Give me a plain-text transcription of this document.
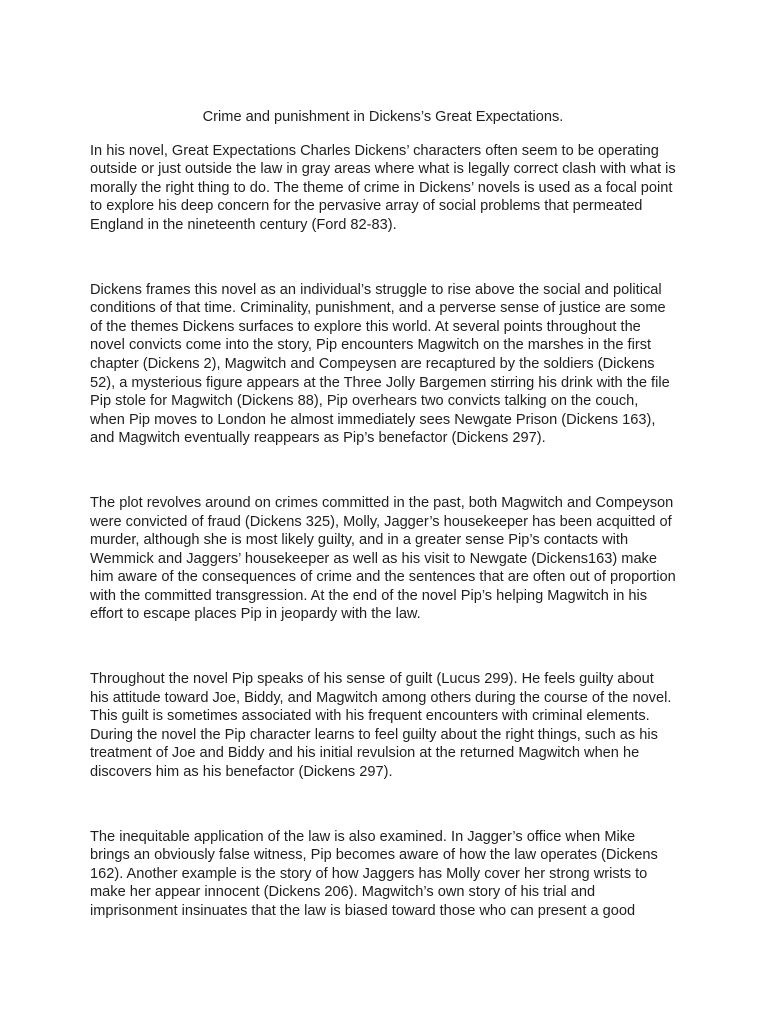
Crime and punishment in Dickens’s Great Expectations.

In his novel, Great Expectations Charles Dickens’ characters often seem to be operating outside or just outside the law in gray areas where what is legally correct clash with what is morally the right thing to do. The theme of crime in Dickens’ novels is used as a focal point to explore his deep concern for the pervasive array of social problems that permeated England in the nineteenth century (Ford 82-83).

Dickens frames this novel as an individual’s struggle to rise above the social and political conditions of that time. Criminality, punishment, and a perverse sense of justice are some of the themes Dickens surfaces to explore this world. At several points throughout the novel convicts come into the story, Pip encounters Magwitch on the marshes in the first chapter (Dickens 2), Magwitch and Compeysen are recaptured by the soldiers (Dickens 52), a mysterious figure appears at the Three Jolly Bargemen stirring his drink with the file Pip stole for Magwitch (Dickens 88), Pip overhears two convicts talking on the couch, when Pip moves to London he almost immediately sees Newgate Prison (Dickens 163), and Magwitch eventually reappears as Pip’s benefactor (Dickens 297).

The plot revolves around on crimes committed in the past, both Magwitch and Compeyson were convicted of fraud (Dickens 325), Molly, Jagger’s housekeeper has been acquitted of murder, although she is most likely guilty, and in a greater sense Pip’s contacts with Wemmick and Jaggers’ housekeeper as well as his visit to Newgate (Dickens163) make him aware of the consequences of crime and the sentences that are often out of proportion with the committed transgression. At the end of the novel Pip’s helping Magwitch in his effort to escape places Pip in jeopardy with the law.

Throughout the novel Pip speaks of his sense of guilt (Lucus 299). He feels guilty about his attitude toward Joe, Biddy, and Magwitch among others during the course of the novel. This guilt is sometimes associated with his frequent encounters with criminal elements. During the novel the Pip character learns to feel guilty about the right things, such as his treatment of Joe and Biddy and his initial revulsion at the returned Magwitch when he discovers him as his benefactor (Dickens 297).

The inequitable application of the law is also examined. In Jagger’s office when Mike brings an obviously false witness, Pip becomes aware of how the law operates (Dickens 162). Another example is the story of how Jaggers has Molly cover her strong wrists to make her appear innocent (Dickens 206). Magwitch’s own story of his trial and imprisonment insinuates that the law is biased toward those who can present a good
